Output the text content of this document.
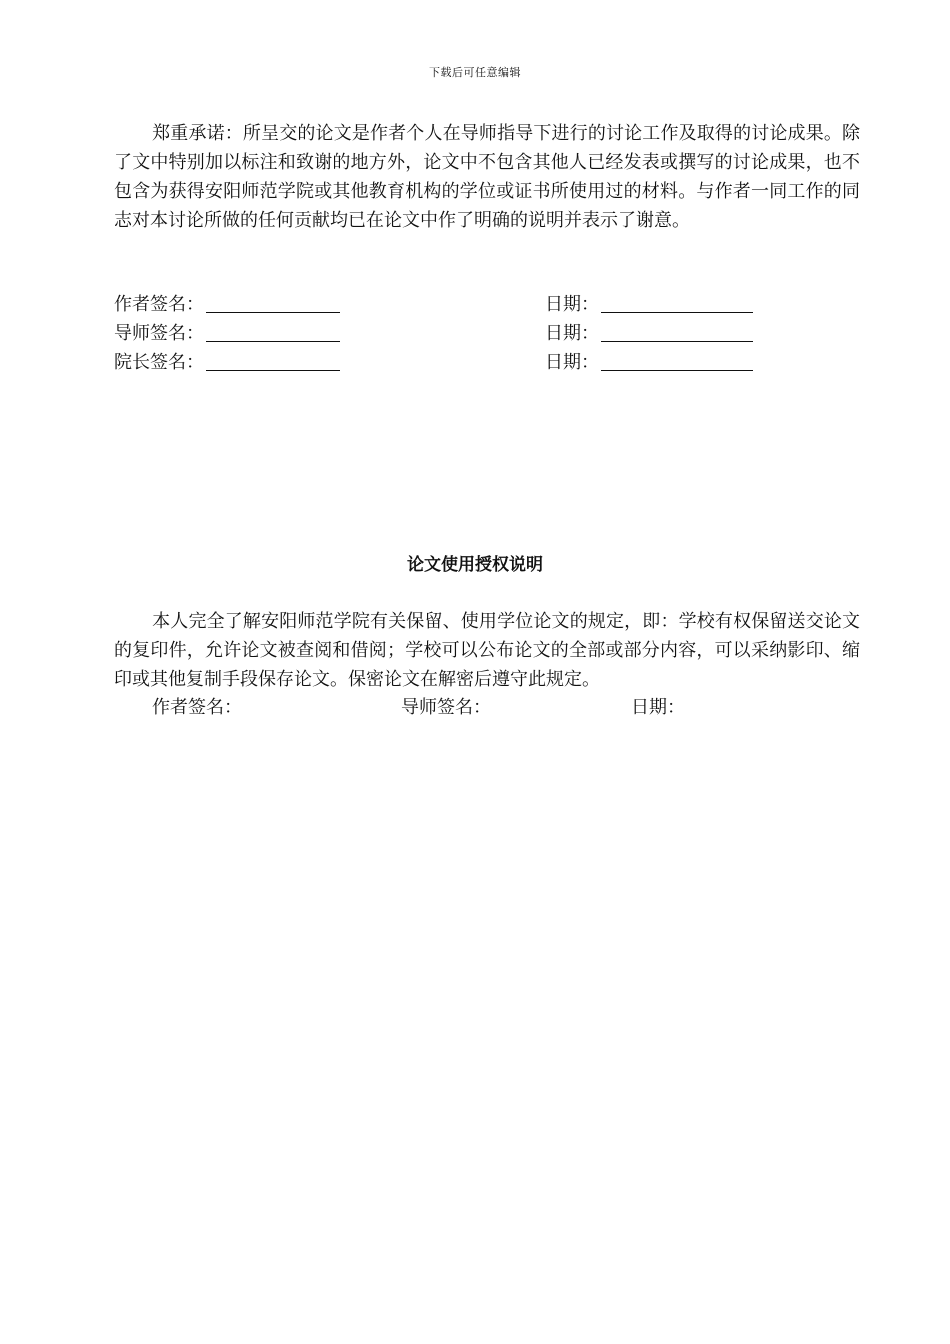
下载后可任意编辑

郑重承诺：所呈交的论文是作者个人在导师指导下进行的讨论工作及取得的讨论成果。除了文中特别加以标注和致谢的地方外，论文中不包含其他人已经发表或撰写的讨论成果，也不包含为获得安阳师范学院或其他教育机构的学位或证书所使用过的材料。与作者一同工作的同志对本讨论所做的任何贡献均已在论文中作了明确的说明并表示了谢意。

作者签名：	日期：
导师签名：	日期：
院长签名：	日期：
论文使用授权说明

本人完全了解安阳师范学院有关保留、使用学位论文的规定，即：学校有权保留送交论文的复印件，允许论文被查阅和借阅；学校可以公布论文的全部或部分内容，可以采纳影印、缩印或其他复制手段保存论文。保密论文在解密后遵守此规定。

作者签名：	导师签名：	日期：
